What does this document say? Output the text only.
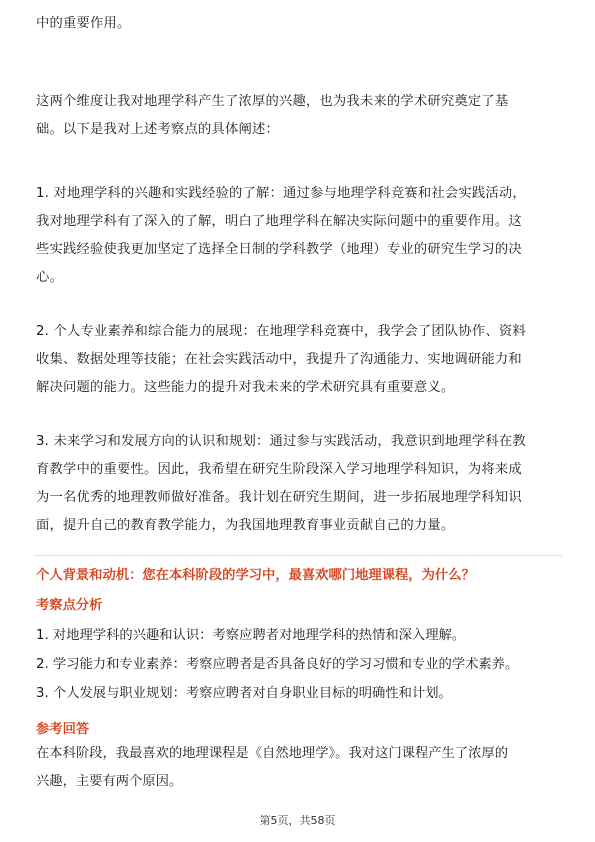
中的重要作用。
这两个维度让我对地理学科产生了浓厚的兴趣，也为我未来的学术研究奠定了基
础。以下是我对上述考察点的具体阐述：
1. 对地理学科的兴趣和实践经验的了解：通过参与地理学科竞赛和社会实践活动，
我对地理学科有了深入的了解，明白了地理学科在解决实际问题中的重要作用。这
些实践经验使我更加坚定了选择全日制的学科教学（地理）专业的研究生学习的决
心。
2. 个人专业素养和综合能力的展现：在地理学科竞赛中，我学会了团队协作、资料
收集、数据处理等技能；在社会实践活动中，我提升了沟通能力、实地调研能力和
解决问题的能力。这些能力的提升对我未来的学术研究具有重要意义。
3. 未来学习和发展方向的认识和规划：通过参与实践活动，我意识到地理学科在教
育教学中的重要性。因此，我希望在研究生阶段深入学习地理学科知识，为将来成
为一名优秀的地理教师做好准备。我计划在研究生期间，进一步拓展地理学科知识
面，提升自己的教育教学能力，为我国地理教育事业贡献自己的力量。
个人背景和动机：您在本科阶段的学习中，最喜欢哪门地理课程，为什么？
考察点分析
1. 对地理学科的兴趣和认识：考察应聘者对地理学科的热情和深入理解。
2. 学习能力和专业素养：考察应聘者是否具备良好的学习习惯和专业的学术素养。
3. 个人发展与职业规划：考察应聘者对自身职业目标的明确性和计划。
参考回答
在本科阶段，我最喜欢的地理课程是《自然地理学》。我对这门课程产生了浓厚的
兴趣，主要有两个原因。
第5页，共58页
